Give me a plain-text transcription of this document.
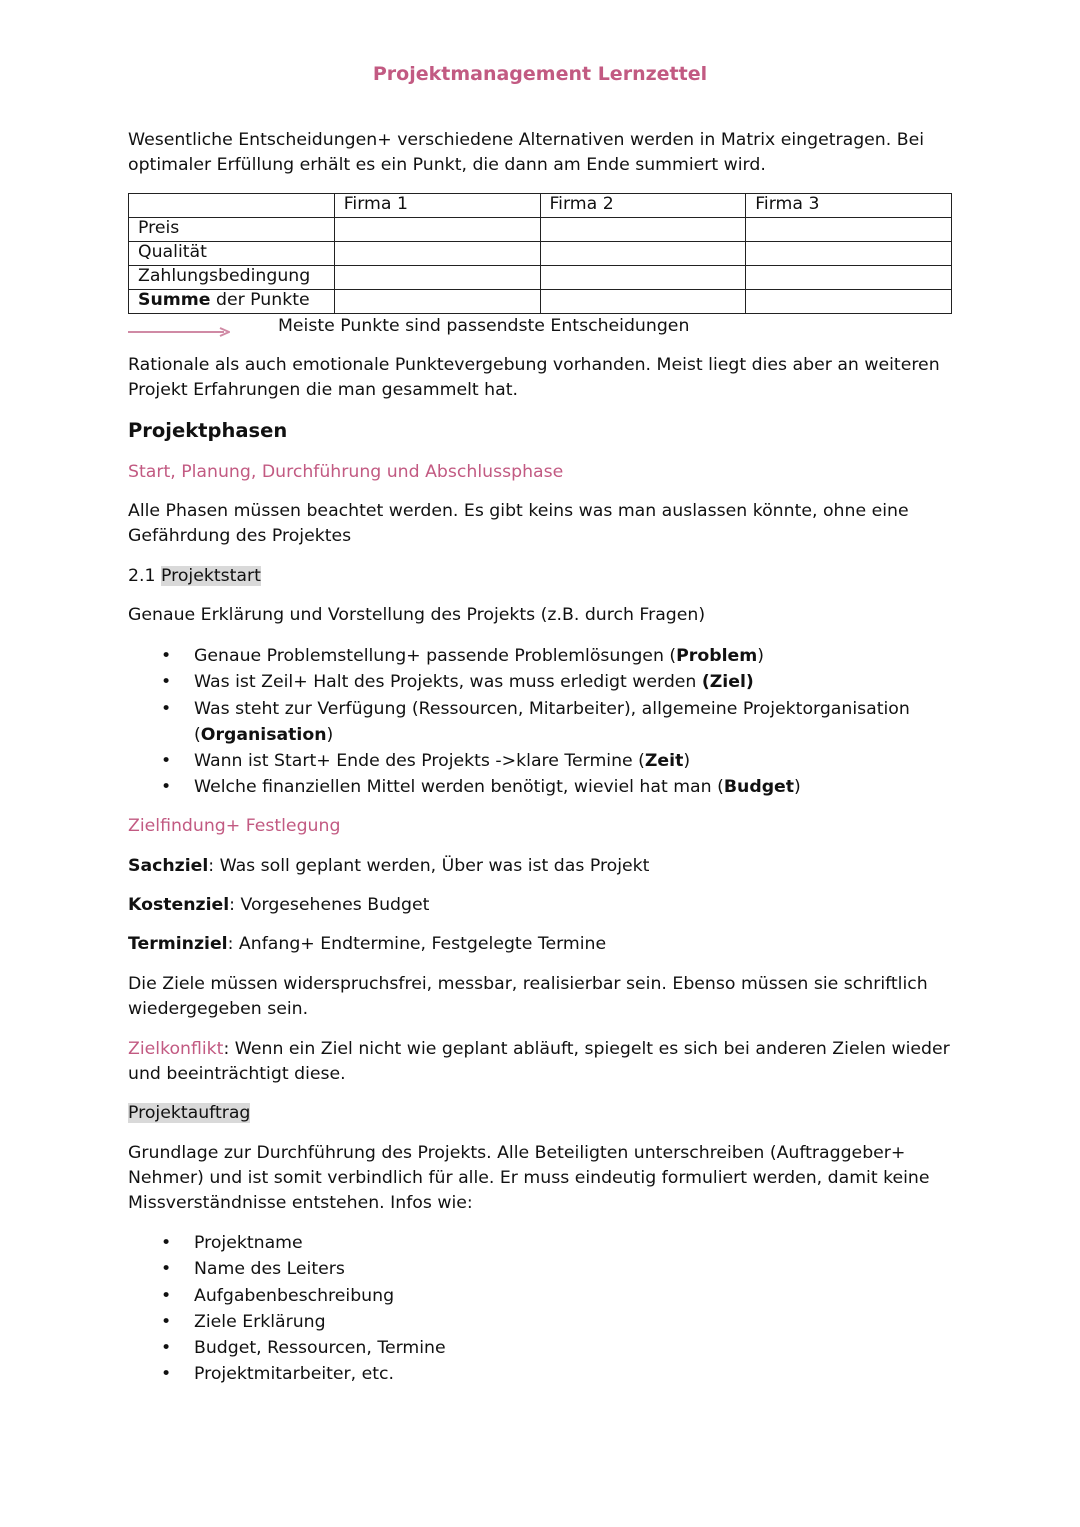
Projektmanagement Lernzettel
Wesentliche Entscheidungen+ verschiedene Alternativen werden in Matrix eingetragen. Bei optimaler Erfüllung erhält es ein Punkt, die dann am Ende summiert wird.
	Firma 1	Firma 2	Firma 3
Preis			
Qualität			
Zahlungsbedingung			
Summe der Punkte			
Meiste Punkte sind passendste Entscheidungen
Rationale als auch emotionale Punktevergebung vorhanden. Meist liegt dies aber an weiteren Projekt Erfahrungen die man gesammelt hat.
Projektphasen
Start, Planung, Durchführung und Abschlussphase
Alle Phasen müssen beachtet werden. Es gibt keins was man auslassen könnte, ohne eine Gefährdung des Projektes
2.1 Projektstart
Genaue Erklärung und Vorstellung des Projekts (z.B. durch Fragen)
• Genaue Problemstellung+ passende Problemlösungen (Problem)
• Was ist Zeil+ Halt des Projekts, was muss erledigt werden (Ziel)
• Was steht zur Verfügung (Ressourcen, Mitarbeiter), allgemeine Projektorganisation (Organisation)
• Wann ist Start+ Ende des Projekts ->klare Termine (Zeit)
• Welche finanziellen Mittel werden benötigt, wieviel hat man (Budget)
Zielfindung+ Festlegung
Sachziel: Was soll geplant werden, Über was ist das Projekt
Kostenziel: Vorgesehenes Budget
Terminziel: Anfang+ Endtermine, Festgelegte Termine
Die Ziele müssen widerspruchsfrei, messbar, realisierbar sein. Ebenso müssen sie schriftlich wiedergegeben sein.
Zielkonflikt: Wenn ein Ziel nicht wie geplant abläuft, spiegelt es sich bei anderen Zielen wieder und beeinträchtigt diese.
Projektauftrag
Grundlage zur Durchführung des Projekts. Alle Beteiligten unterschreiben (Auftraggeber+ Nehmer) und ist somit verbindlich für alle. Er muss eindeutig formuliert werden, damit keine Missverständnisse entstehen. Infos wie:
• Projektname
• Name des Leiters
• Aufgabenbeschreibung
• Ziele Erklärung
• Budget, Ressourcen, Termine
• Projektmitarbeiter, etc.
